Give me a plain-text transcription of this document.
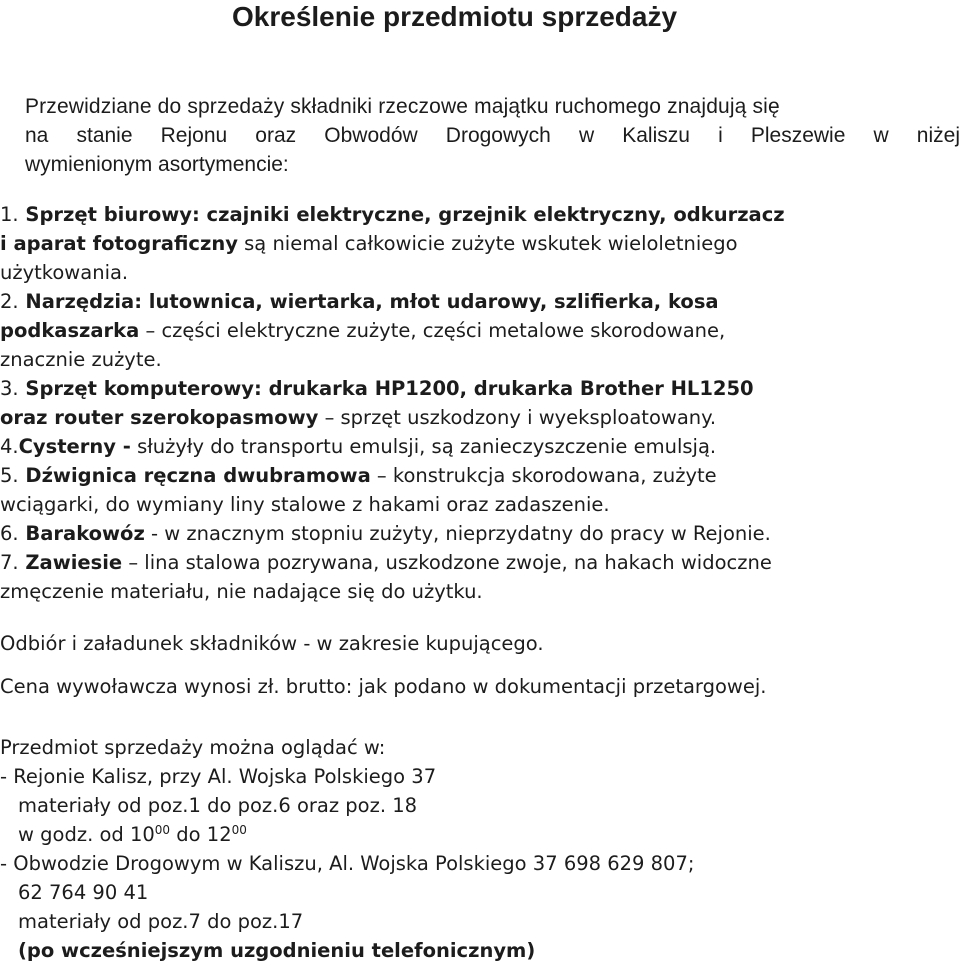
Określenie przedmiotu sprzedaży
Przewidziane do sprzedaży składniki rzeczowe majątku ruchomego znajdują się
na stanie Rejonu oraz Obwodów Drogowych w Kaliszu i Pleszewie w niżej
wymienionym asortymencie:
1. Sprzęt biurowy: czajniki elektryczne, grzejnik elektryczny, odkurzacz
i aparat fotograficzny są niemal całkowicie zużyte wskutek wieloletniego
użytkowania.
2. Narzędzia: lutownica, wiertarka, młot udarowy, szlifierka, kosa
podkaszarka – części elektryczne zużyte, części metalowe skorodowane,
znacznie zużyte.
3. Sprzęt komputerowy: drukarka HP1200, drukarka Brother HL1250
oraz router szerokopasmowy – sprzęt uszkodzony i wyeksploatowany.
4.Cysterny - służyły do transportu emulsji, są zanieczyszczenie emulsją.
5. Dźwignica ręczna dwubramowa – konstrukcja skorodowana, zużyte
wciągarki, do wymiany liny stalowe z hakami oraz zadaszenie.
6. Barakowóz - w znacznym stopniu zużyty, nieprzydatny do pracy w Rejonie.
7. Zawiesie – lina stalowa pozrywana, uszkodzone zwoje, na hakach widoczne
zmęczenie materiału, nie nadające się do użytku.
Odbiór i załadunek składników - w zakresie kupującego.
Cena wywoławcza wynosi zł. brutto: jak podano w dokumentacji przetargowej.
Przedmiot sprzedaży można oglądać w:
- Rejonie Kalisz, przy Al. Wojska Polskiego 37
materiały od poz.1 do poz.6 oraz poz. 18
w godz. od $10^{00}$ do $12^{00}$
- Obwodzie Drogowym w Kaliszu, Al. Wojska Polskiego 37 698 629 807;
62 764 90 41
materiały od poz.7 do poz.17
(po wcześniejszym uzgodnieniu telefonicznym)
